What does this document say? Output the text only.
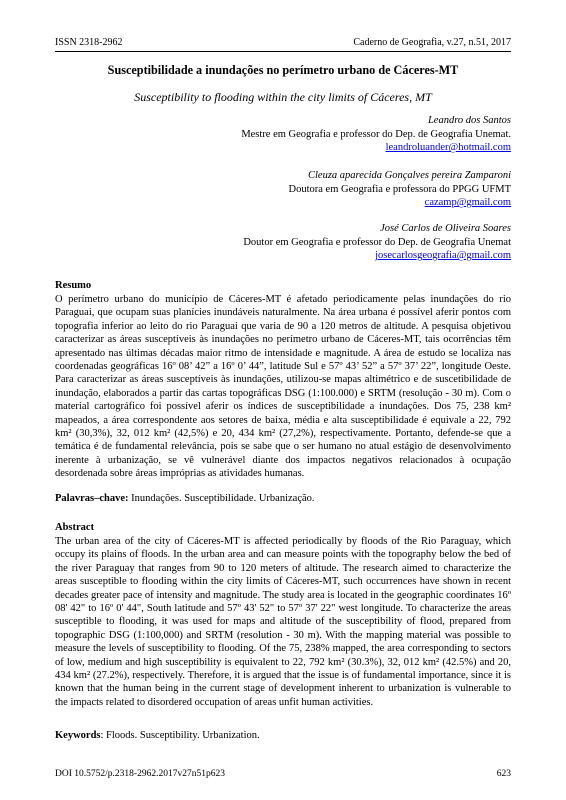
ISSN 2318-2962	Caderno de Geografia, v.27, n.51, 2017
Susceptibilidade a inundações no perímetro urbano de Cáceres-MT
Susceptibility to flooding within the city limits of Cáceres, MT
Leandro dos Santos
Mestre em Geografia e professor do Dep. de Geografia Unemat.
leandroluander@hotmail.com
Cleuza aparecida Gonçalves pereira Zamparoni
Doutora em Geografia e professora do PPGG UFMT
cazamp@gmail.com
José Carlos de Oliveira Soares
Doutor em Geografia e professor do Dep. de Geografia Unemat
josecarlosgeografia@gmail.com
Resumo
O perímetro urbano do município de Cáceres-MT é afetado periodicamente pelas inundações do rio Paraguai, que ocupam suas planícies inundáveis naturalmente. Na área urbana é possível aferir pontos com topografia inferior ao leito do rio Paraguai que varia de 90 a 120 metros de altitude. A pesquisa objetivou caracterizar as áreas susceptíveis às inundações no perímetro urbano de Cáceres-MT, tais ocorrências têm apresentado nas últimas décadas maior ritmo de intensidade e magnitude. A área de estudo se localiza nas coordenadas geográficas 16º 08’ 42” a 16º 0’ 44”, latitude Sul e 57º 43’ 52” a 57º 37’ 22”, longitude Oeste. Para caracterizar as áreas susceptíveis às inundações, utilizou-se mapas altimétrico e de suscetibilidade de inundação, elaborados a partir das cartas topográficas DSG (1:100.000) e SRTM (resolução - 30 m). Com o material cartográfico foi possível aferir os índices de susceptibilidade a inundações. Dos 75, 238 km² mapeados, a área correspondente aos setores de baixa, média e alta susceptibilidade é equivale a 22, 792 km² (30,3%), 32, 012 km² (42,5%) e 20, 434 km² (27,2%), respectivamente. Portanto, defende-se que a temática é de fundamental relevância, pois se sabe que o ser humano no atual estágio de desenvolvimento inerente à urbanização, se vê vulnerável diante dos impactos negativos relacionados à ocupação desordenada sobre áreas impróprias as atividades humanas.
Palavras–chave: Inundações. Susceptibilidade. Urbanização.
Abstract
The urban area of the city of Cáceres-MT is affected periodically by floods of the Rio Paraguay, which occupy its plains of floods. In the urban area and can measure points with the topography below the bed of the river Paraguay that ranges from 90 to 120 meters of altitude. The research aimed to characterize the areas susceptible to flooding within the city limits of Cáceres-MT, such occurrences have shown in recent decades greater pace of intensity and magnitude. The study area is located in the geographic coordinates 16º 08' 42" to 16º 0' 44", South latitude and 57º 43' 52" to 57º 37' 22" west longitude. To characterize the areas susceptible to flooding, it was used for maps and altitude of the susceptibility of flood, prepared from topographic DSG (1:100,000) and SRTM (resolution - 30 m). With the mapping material was possible to measure the levels of susceptibility to flooding. Of the 75, 238% mapped, the area corresponding to sectors of low, medium and high susceptibility is equivalent to 22, 792 km² (30.3%), 32, 012 km² (42.5%) and 20, 434 km² (27.2%), respectively. Therefore, it is argued that the issue is of fundamental importance, since it is known that the human being in the current stage of development inherent to urbanization is vulnerable to the impacts related to disordered occupation of areas unfit human activities.
Keywords: Floods. Susceptibility. Urbanization.
DOI 10.5752/p.2318-2962.2017v27n51p623	623
